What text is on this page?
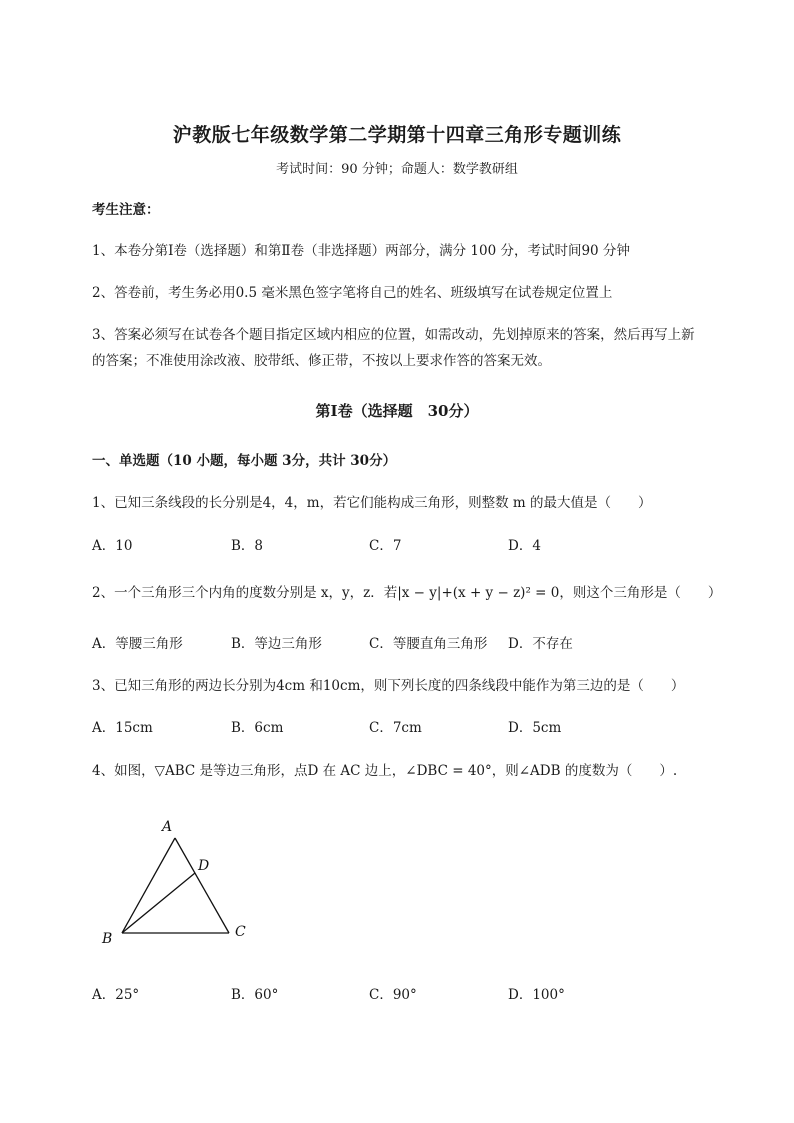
沪教版七年级数学第二学期第十四章三角形专题训练
考试时间：90 分钟；命题人：数学教研组
考生注意：
1、本卷分第Ⅰ卷（选择题）和第Ⅱ卷（非选择题）两部分，满分 100 分，考试时间90 分钟
2、答卷前，考生务必用0.5 毫米黑色签字笔将自己的姓名、班级填写在试卷规定位置上
3、答案必须写在试卷各个题目指定区域内相应的位置，如需改动，先划掉原来的答案，然后再写上新
的答案；不准使用涂改液、胶带纸、修正带，不按以上要求作答的答案无效。
第Ⅰ卷（选择题　30分）
一、单选题（10 小题，每小题 3分，共计 30分）
1、已知三条线段的长分别是4，4，m，若它们能构成三角形，则整数 m 的最大值是（　　）
A．10	B．8	C．7	D．4
2、一个三角形三个内角的度数分别是 x，y，z．若|x − y|+(x + y − z)² = 0，则这个三角形是（　　）
A．等腰三角形	B．等边三角形	C．等腰直角三角形 D．不存在
3、已知三角形的两边长分别为4cm 和10cm，则下列长度的四条线段中能作为第三边的是（　　）
A．15cm	B．6cm	C．7cm	D．5cm
4、如图，▽ABC 是等边三角形，点D 在 AC 边上，∠DBC = 40°，则∠ADB 的度数为（　　）.
A
D
B	C
A．25°	B．60°	C．90°	D．100°
